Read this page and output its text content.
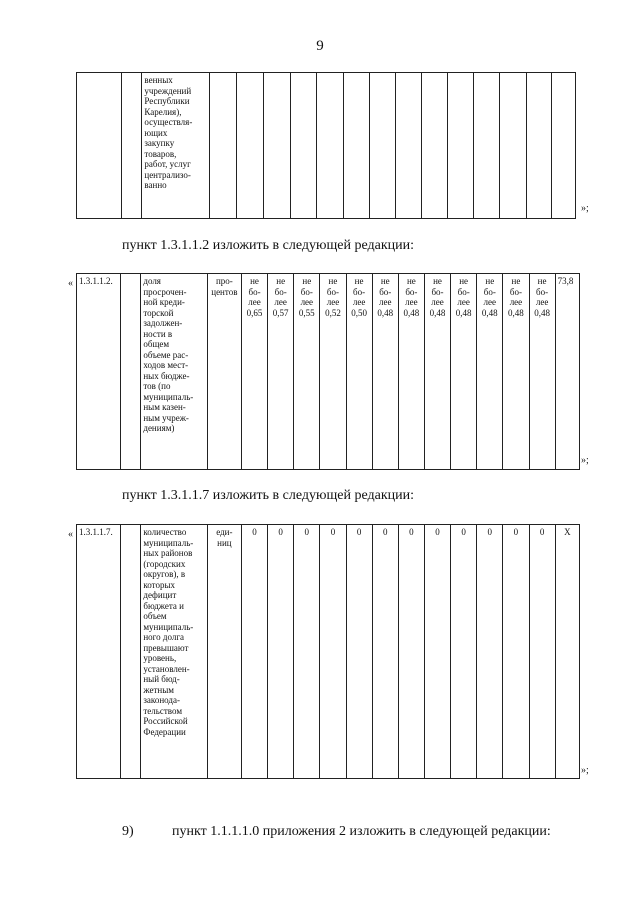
9
		венных
учреждений
Республики
Карелия),
осуществля-
ющих
закупку
товаров,
работ, услуг
централизо-
ванно														
»;
пункт 1.3.1.1.2 изложить в следующей редакции:
« 1.3.1.1.2.		доля
просрочен-
ной креди-
торской
задолжен-
ности в
общем
объеме рас-
ходов мест-
ных бюдже-
тов (по
муниципаль-
ным казен-
ным учреж-
дениям)	про-
центов	не
бо-
лее
0,65	не
бо-
лее
0,57	не
бо-
лее
0,55	не
бо-
лее
0,52	не
бо-
лее
0,50	не
бо-
лее
0,48	не
бо-
лее
0,48	не
бо-
лее
0,48	не
бо-
лее
0,48	не
бо-
лее
0,48	не
бо-
лее
0,48	не
бо-
лее
0,48	73,8
»;
пункт 1.3.1.1.7 изложить в следующей редакции:
« 1.3.1.1.7.		количество
муниципаль-
ных районов
(городских
округов), в
которых
дефицит
бюджета и
объем
муниципаль-
ного долга
превышают
уровень,
установлен-
ный бюд-
жетным
законода-
тельством
Российской
Федерации	еди-
ниц	0	0	0	0	0	0	0	0	0	0	0	0	X
»;
9)	пункт 1.1.1.1.0 приложения 2 изложить в следующей редакции:
